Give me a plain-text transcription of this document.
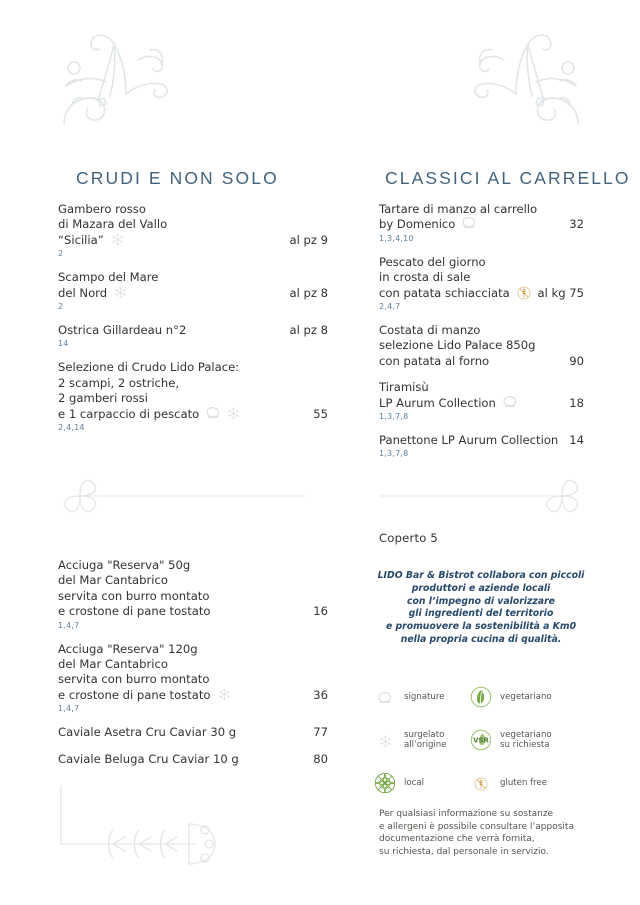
CRUDI E NON SOLO	CLASSICI AL CARRELLO
Gambero rosso
di Mazara del Vallo
“Sicilia”	al pz 9
2
Scampo del Mare
del Nord	al pz 8
2
Ostrica Gillardeau n°2	al pz 8
14
Selezione di Crudo Lido Palace:
2 scampi, 2 ostriche,
2 gamberi rossi
e 1 carpaccio di pescato	55
2,4,14
Tartare di manzo al carrello
by Domenico	32
1,3,4,10
Pescato del giorno
in crosta di sale
con patata schiacciata al kg 75
2,4,7
Costata di manzo
selezione Lido Palace 850g
con patata al forno	90
Tiramisù
LP Aurum Collection	18
1,3,7,8
Panettone LP Aurum Collection 14
1,3,7,8
Acciuga "Reserva" 50g
del Mar Cantabrico
servita con burro montato
e crostone di pane tostato	16
1,4,7
Acciuga "Reserva" 120g
del Mar Cantabrico
servita con burro montato
e crostone di pane tostato	36
1,4,7
Caviale Asetra Cru Caviar 30 g	77
Caviale Beluga Cru Caviar 10 g	80
Coperto 5
LIDO Bar & Bistrot collabora con piccoli
produttori e aziende locali
con l’impegno di valorizzare
gli ingredienti del territorio
e promuovere la sostenibilità a Km0
nella propria cucina di qualità.
signature	vegetariano
surgelato
all’origine	VSR
vegetariano
su richiesta
local	gluten free
Per qualsiasi informazione su sostanze
e allergeni è possibile consultare l’apposita
documentazione che verrà fornita,
su richiesta, dal personale in servizio.
